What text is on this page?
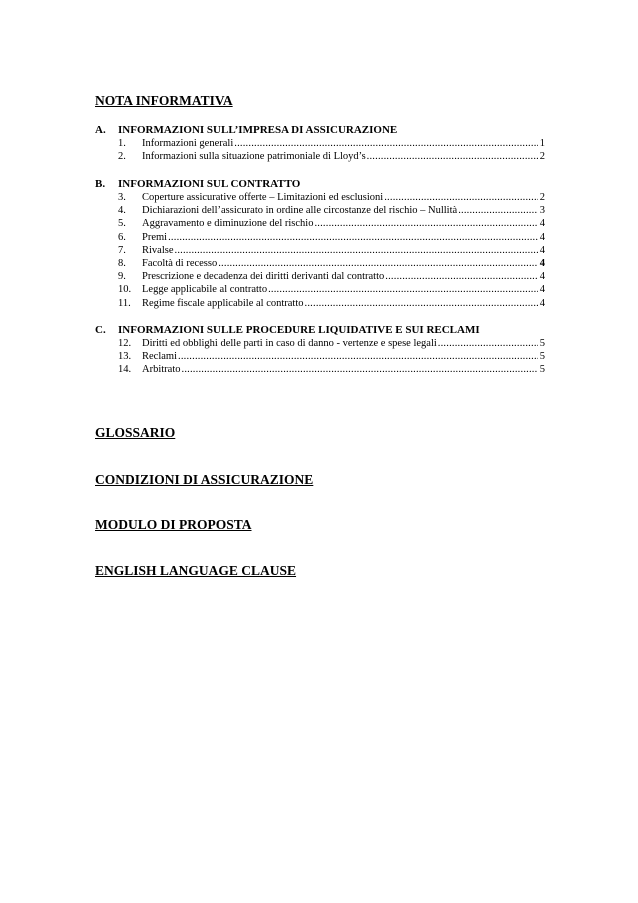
NOTA INFORMATIVA
A.	INFORMAZIONI SULL’IMPRESA DI ASSICURAZIONE
1.	Informazioni generali .....	1
2.	Informazioni sulla situazione patrimoniale di Lloyd’s .....	2
B.	INFORMAZIONI SUL CONTRATTO
3.	Coperture assicurative offerte – Limitazioni ed esclusioni .....	2
4.	Dichiarazioni dell’assicurato in ordine alle circostanze del rischio – Nullità .....	3
5.	Aggravamento e diminuzione del rischio .....	4
6.	Premi .....	4
7.	Rivalse .....	4
8.	Facoltà di recesso .....	4
9.	Prescrizione e decadenza dei diritti derivanti dal contratto .....	4
10.	Legge applicabile al contratto .....	4
11.	Regime fiscale applicabile al contratto .....	4
C.	INFORMAZIONI SULLE PROCEDURE LIQUIDATIVE E SUI RECLAMI
12.	Diritti ed obblighi delle parti in caso di danno - vertenze e spese legali .....	5
13.	Reclami .....	5
14.	Arbitrato .....	5
GLOSSARIO
CONDIZIONI DI ASSICURAZIONE
MODULO DI PROPOSTA
ENGLISH LANGUAGE CLAUSE
